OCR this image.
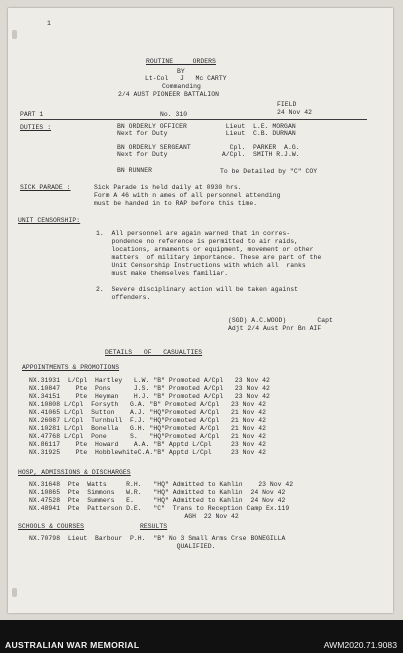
1
ROUTINE     ORDERS
BY
Lt-Col   J   Mc CARTY
Commanding
2/4 AUST PIONEER BATTALION
FIELD
PART 1	No. 310	24 Nov 42
DUTIES :	BN ORDERLY OFFICER          Lieut  L.E. MORGAN
Next for Duty               Lieut  C.B. DURNAN
BN ORDERLY SERGEANT          Cpl.  PARKER  A.G.
Next for Duty              A/Cpl.  SMITH R.J.W.
BN RUNNER	To be Detailed by "C" COY
SICK PARADE :	Sick Parade is held daily at 0930 hrs.
Form A 46 with n ames of all personnel attending
must be handed in to RAP before this time.
UNIT CENSORSHIP:
1.  All personnel are again warned that in corres-
pondence no reference is permitted to air raids,
locations, armaments or equipment, movement or other
matters  of military importance. These are part of the
Unit Censorship Instructions with which all  ranks
must make themselves familiar.
2.  Severe disciplinary action will be taken against
offenders.
(SGD) A.C.WOOD)        Capt
Adjt 2/4 Aust Pnr Bn AIF
DETAILS   OF   CASUALTIES
APPOINTMENTS & PROMOTIONS
NX.31931  L/Cpl  Hartley   L.W. "B" Promoted A/Cpl   23 Nov 42
NX.10847    Pte  Pons      J.S. "B" Promoted A/Cpl   23 Nov 42
NX.34151    Pte  Heyman    H.J. "B" Promoted A/Cpl   23 Nov 42
NX.10808 L/Cpl  Forsyth   G.A. "B" Promoted A/Cpl   23 Nov 42
NX.41065 L/Cpl  Sutton    A.J. "HQ"Promoted A/Cpl   21 Nov 42
NX.26087 L/Cpl  Turnbull  F.J. "HQ"Promoted A/Cpl   21 Nov 42
NX.10281 L/Cpl  Bonella   G.H. "HQ"Promoted A/Cpl   21 Nov 42
NX.47768 L/Cpl  Pone      S.   "HQ"Promoted A/Cpl   21 Nov 42
NX.86117    Pte  Howard    A.A. "B" Apptd L/Cpl     23 Nov 42
NX.31925    Pte  HobblewhiteC.A."B" Apptd L/Cpl     23 Nov 42
HOSP, ADMISSIONS & DISCHARGES
NX.31648  Pte  Watts     R.H.   "HQ" Admitted to Kahlin    23 Nov 42
NX.10865  Pte  Simmons   W.R.   "HQ" Admitted to Kahlin  24 Nov 42
NX.47528  Pte  Summers   E.     "HQ" Admitted to Kahlin  24 Nov 42
NX.48941  Pte  Patterson D.E.   "C"  Trans to Reception Camp Ex.119
AGH  22 Nov 42
SCHOOLS & COURSES	RESULTS
NX.70798  Lieut  Barbour  P.H.  "B" No 3 Small Arms Crse BONEGILLA
QUALIFIED.
AUSTRALIAN WAR MEMORIAL	AWM2020.71.9083
